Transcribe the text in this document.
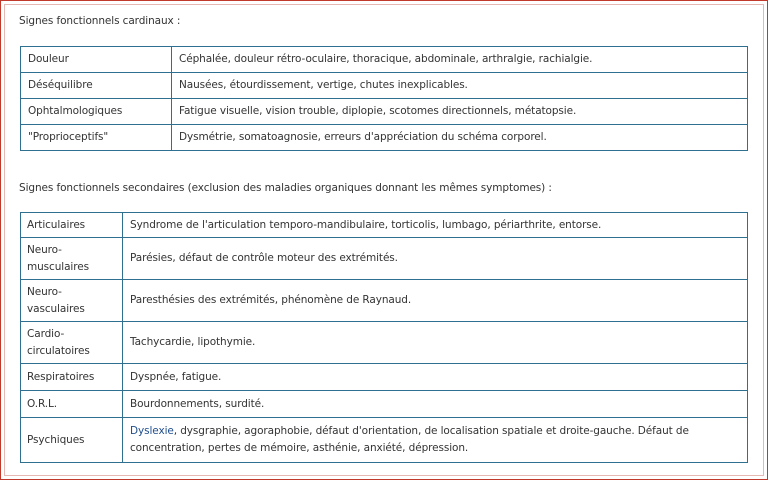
Signes fonctionnels cardinaux :
Douleur	Céphalée, douleur rétro-oculaire, thoracique, abdominale, arthralgie, rachialgie.
Déséquilibre	Nausées, étourdissement, vertige, chutes inexplicables.
Ophtalmologiques	Fatigue visuelle, vision trouble, diplopie, scotomes directionnels, métatopsie.
"Proprioceptifs"	Dysmétrie, somatoagnosie, erreurs d'appréciation du schéma corporel.
Signes fonctionnels secondaires (exclusion des maladies organiques donnant les mêmes symptomes) :
Articulaires	Syndrome de l'articulation temporo-mandibulaire, torticolis, lumbago, périarthrite, entorse.
Neuro-musculaires	Parésies, défaut de contrôle moteur des extrémités.
Neuro-vasculaires	Paresthésies des extrémités, phénomène de Raynaud.
Cardio-circulatoires	Tachycardie, lipothymie.
Respiratoires	Dyspnée, fatigue.
O.R.L.	Bourdonnements, surdité.
Psychiques	Dyslexie, dysgraphie, agoraphobie, défaut d'orientation, de localisation spatiale et droite-gauche. Défaut de concentration, pertes de mémoire, asthénie, anxiété, dépression.
